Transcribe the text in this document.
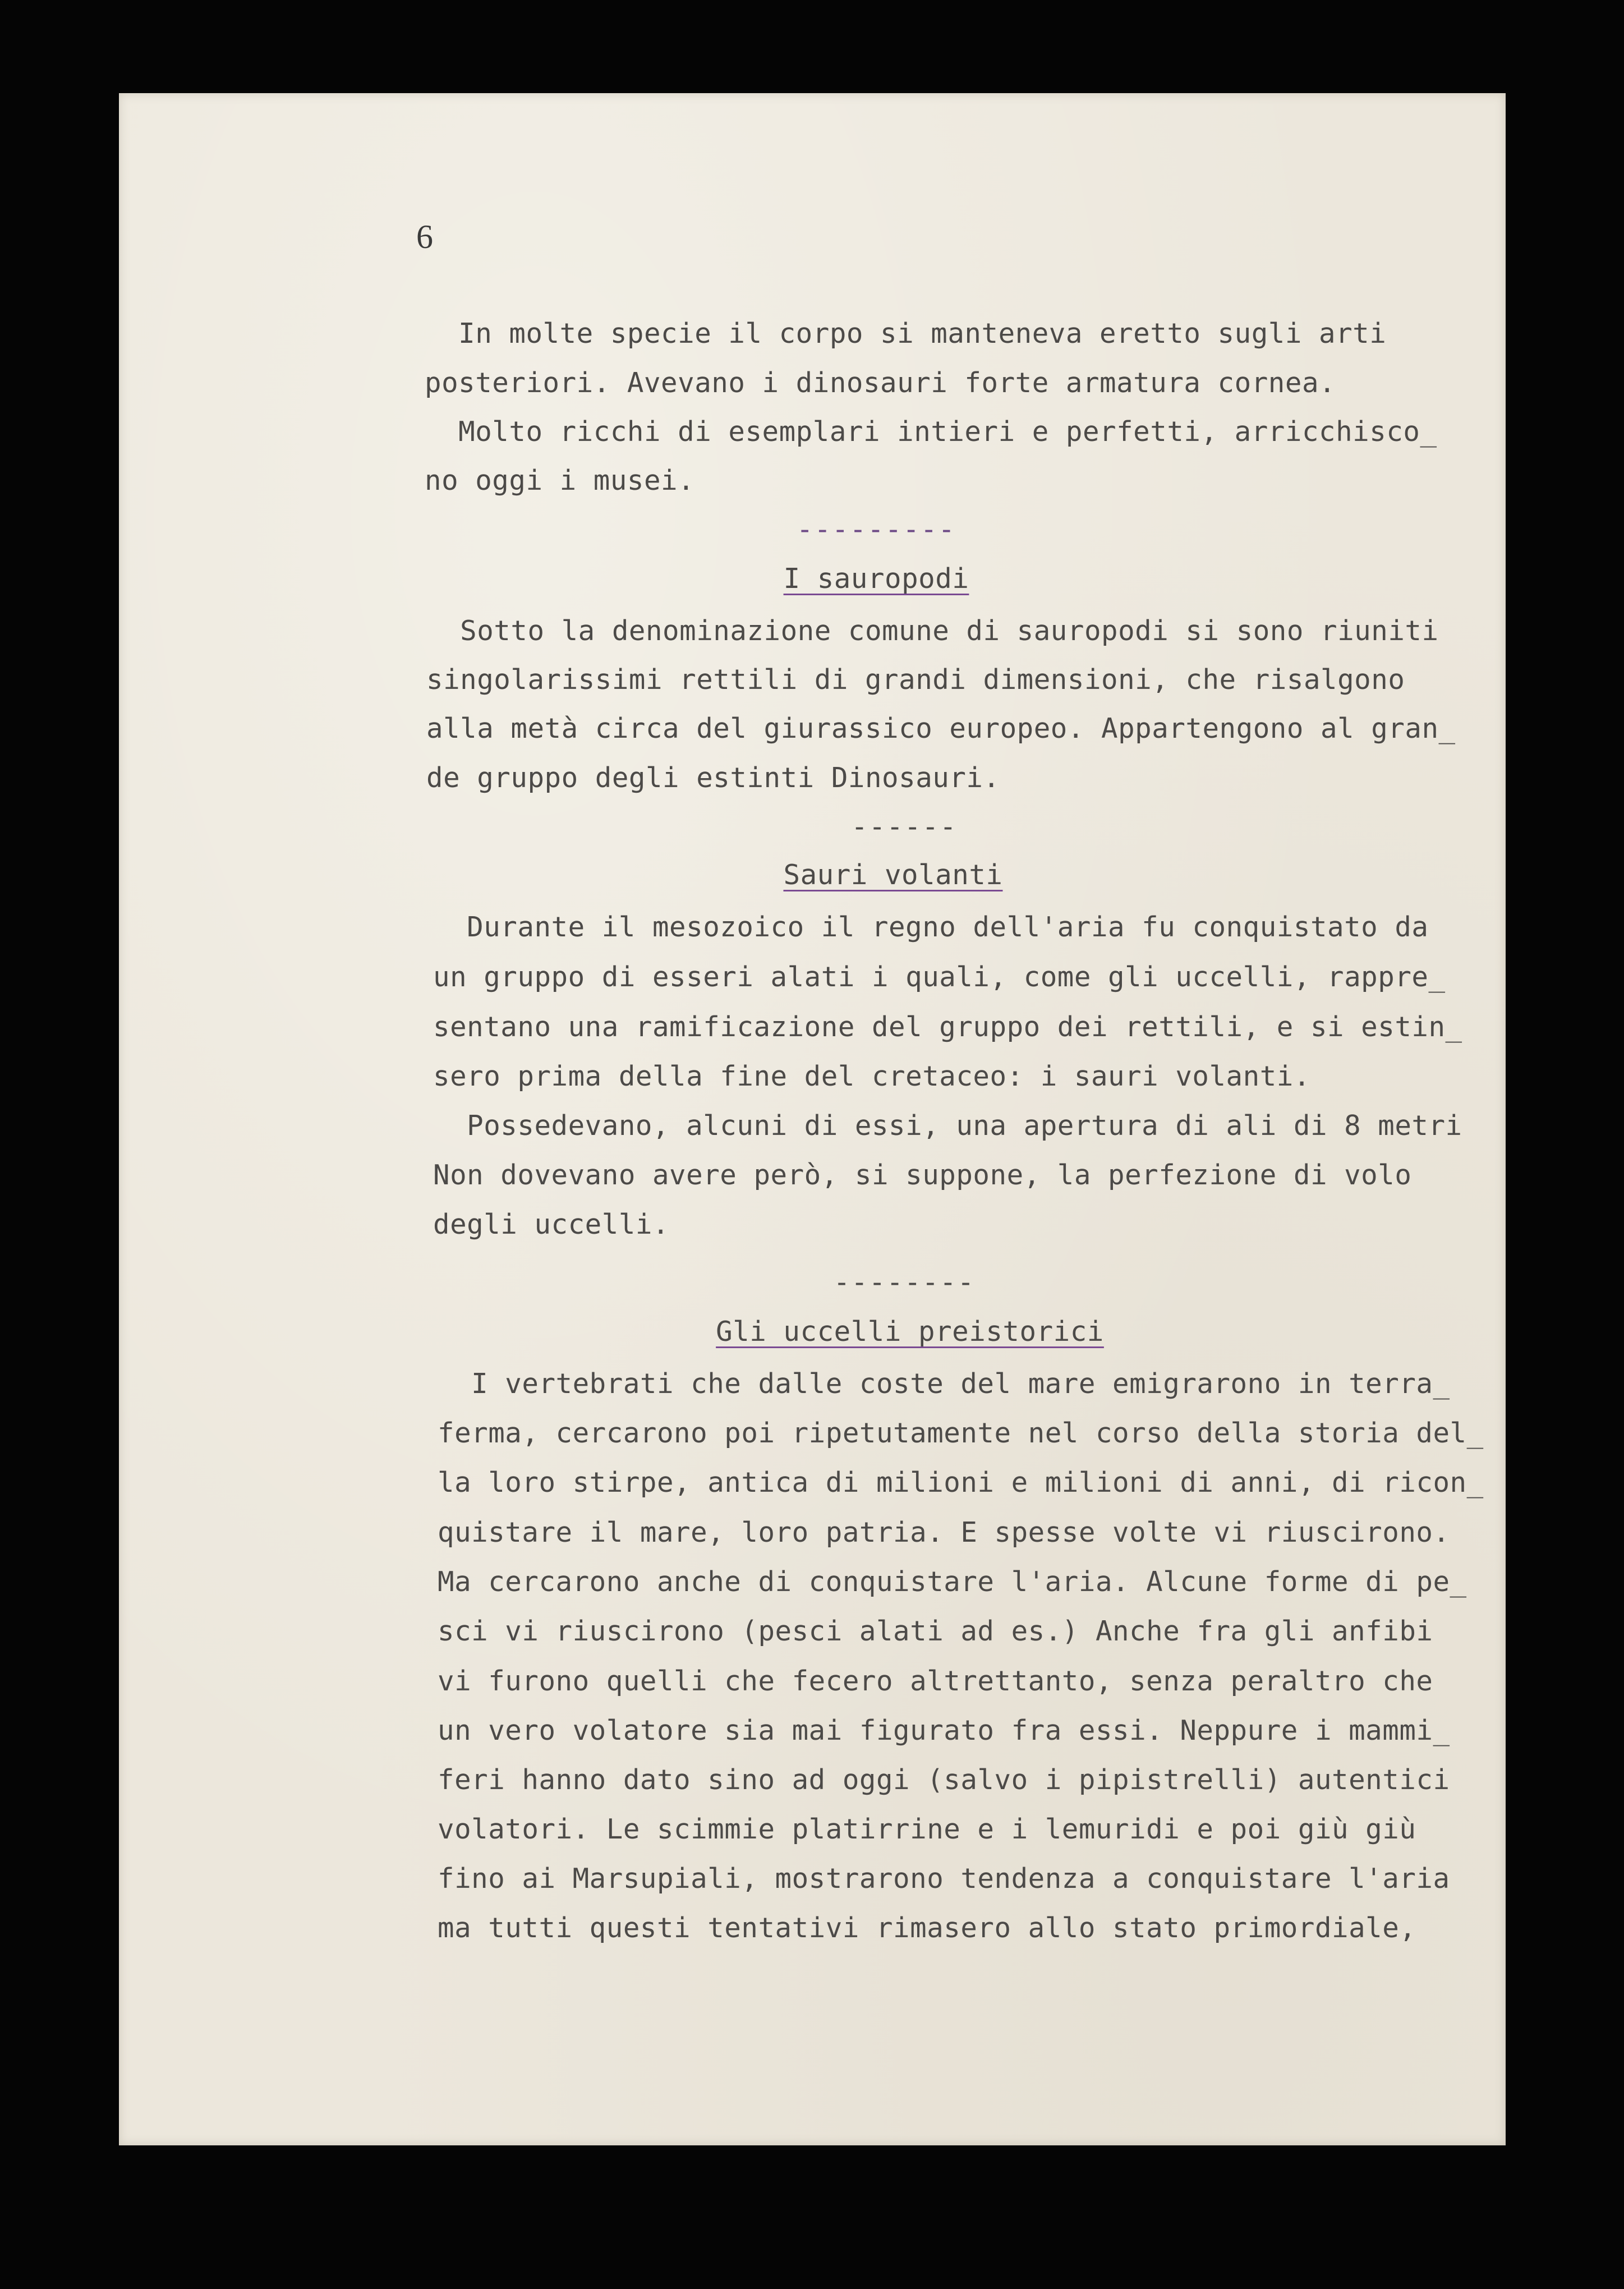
6

In molte specie il corpo si manteneva eretto sugli arti

posteriori. Avevano i dinosauri forte armatura cornea.

Molto ricchi di esemplari intieri e perfetti, arricchisco_

no oggi i musei.

---------

I sauropodi

Sotto la denominazione comune di sauropodi si sono riuniti

singolarissimi rettili di grandi dimensioni, che risalgono

alla metà circa del giurassico europeo. Appartengono al gran_

de gruppo degli estinti Dinosauri.

------

Sauri volanti

Durante il mesozoico il regno dell'aria fu conquistato da

un gruppo di esseri alati i quali, come gli uccelli, rappre_

sentano una ramificazione del gruppo dei rettili, e si estin_

sero prima della fine del cretaceo: i sauri volanti.

Possedevano, alcuni di essi, una apertura di ali di 8 metri

Non dovevano avere però, si suppone, la perfezione di volo

degli uccelli.

--------

Gli uccelli preistorici

I vertebrati che dalle coste del mare emigrarono in terra_

ferma, cercarono poi ripetutamente nel corso della storia del_

la loro stirpe, antica di milioni e milioni di anni, di ricon_

quistare il mare, loro patria. E spesse volte vi riuscirono.

Ma cercarono anche di conquistare l'aria. Alcune forme di pe_

sci vi riuscirono (pesci alati ad es.) Anche fra gli anfibi

vi furono quelli che fecero altrettanto, senza peraltro che

un vero volatore sia mai figurato fra essi. Neppure i mammi_

feri hanno dato sino ad oggi (salvo i pipistrelli) autentici

volatori. Le scimmie platirrine e i lemuridi e poi giù giù

fino ai Marsupiali, mostrarono tendenza a conquistare l'aria

ma tutti questi tentativi rimasero allo stato primordiale,
